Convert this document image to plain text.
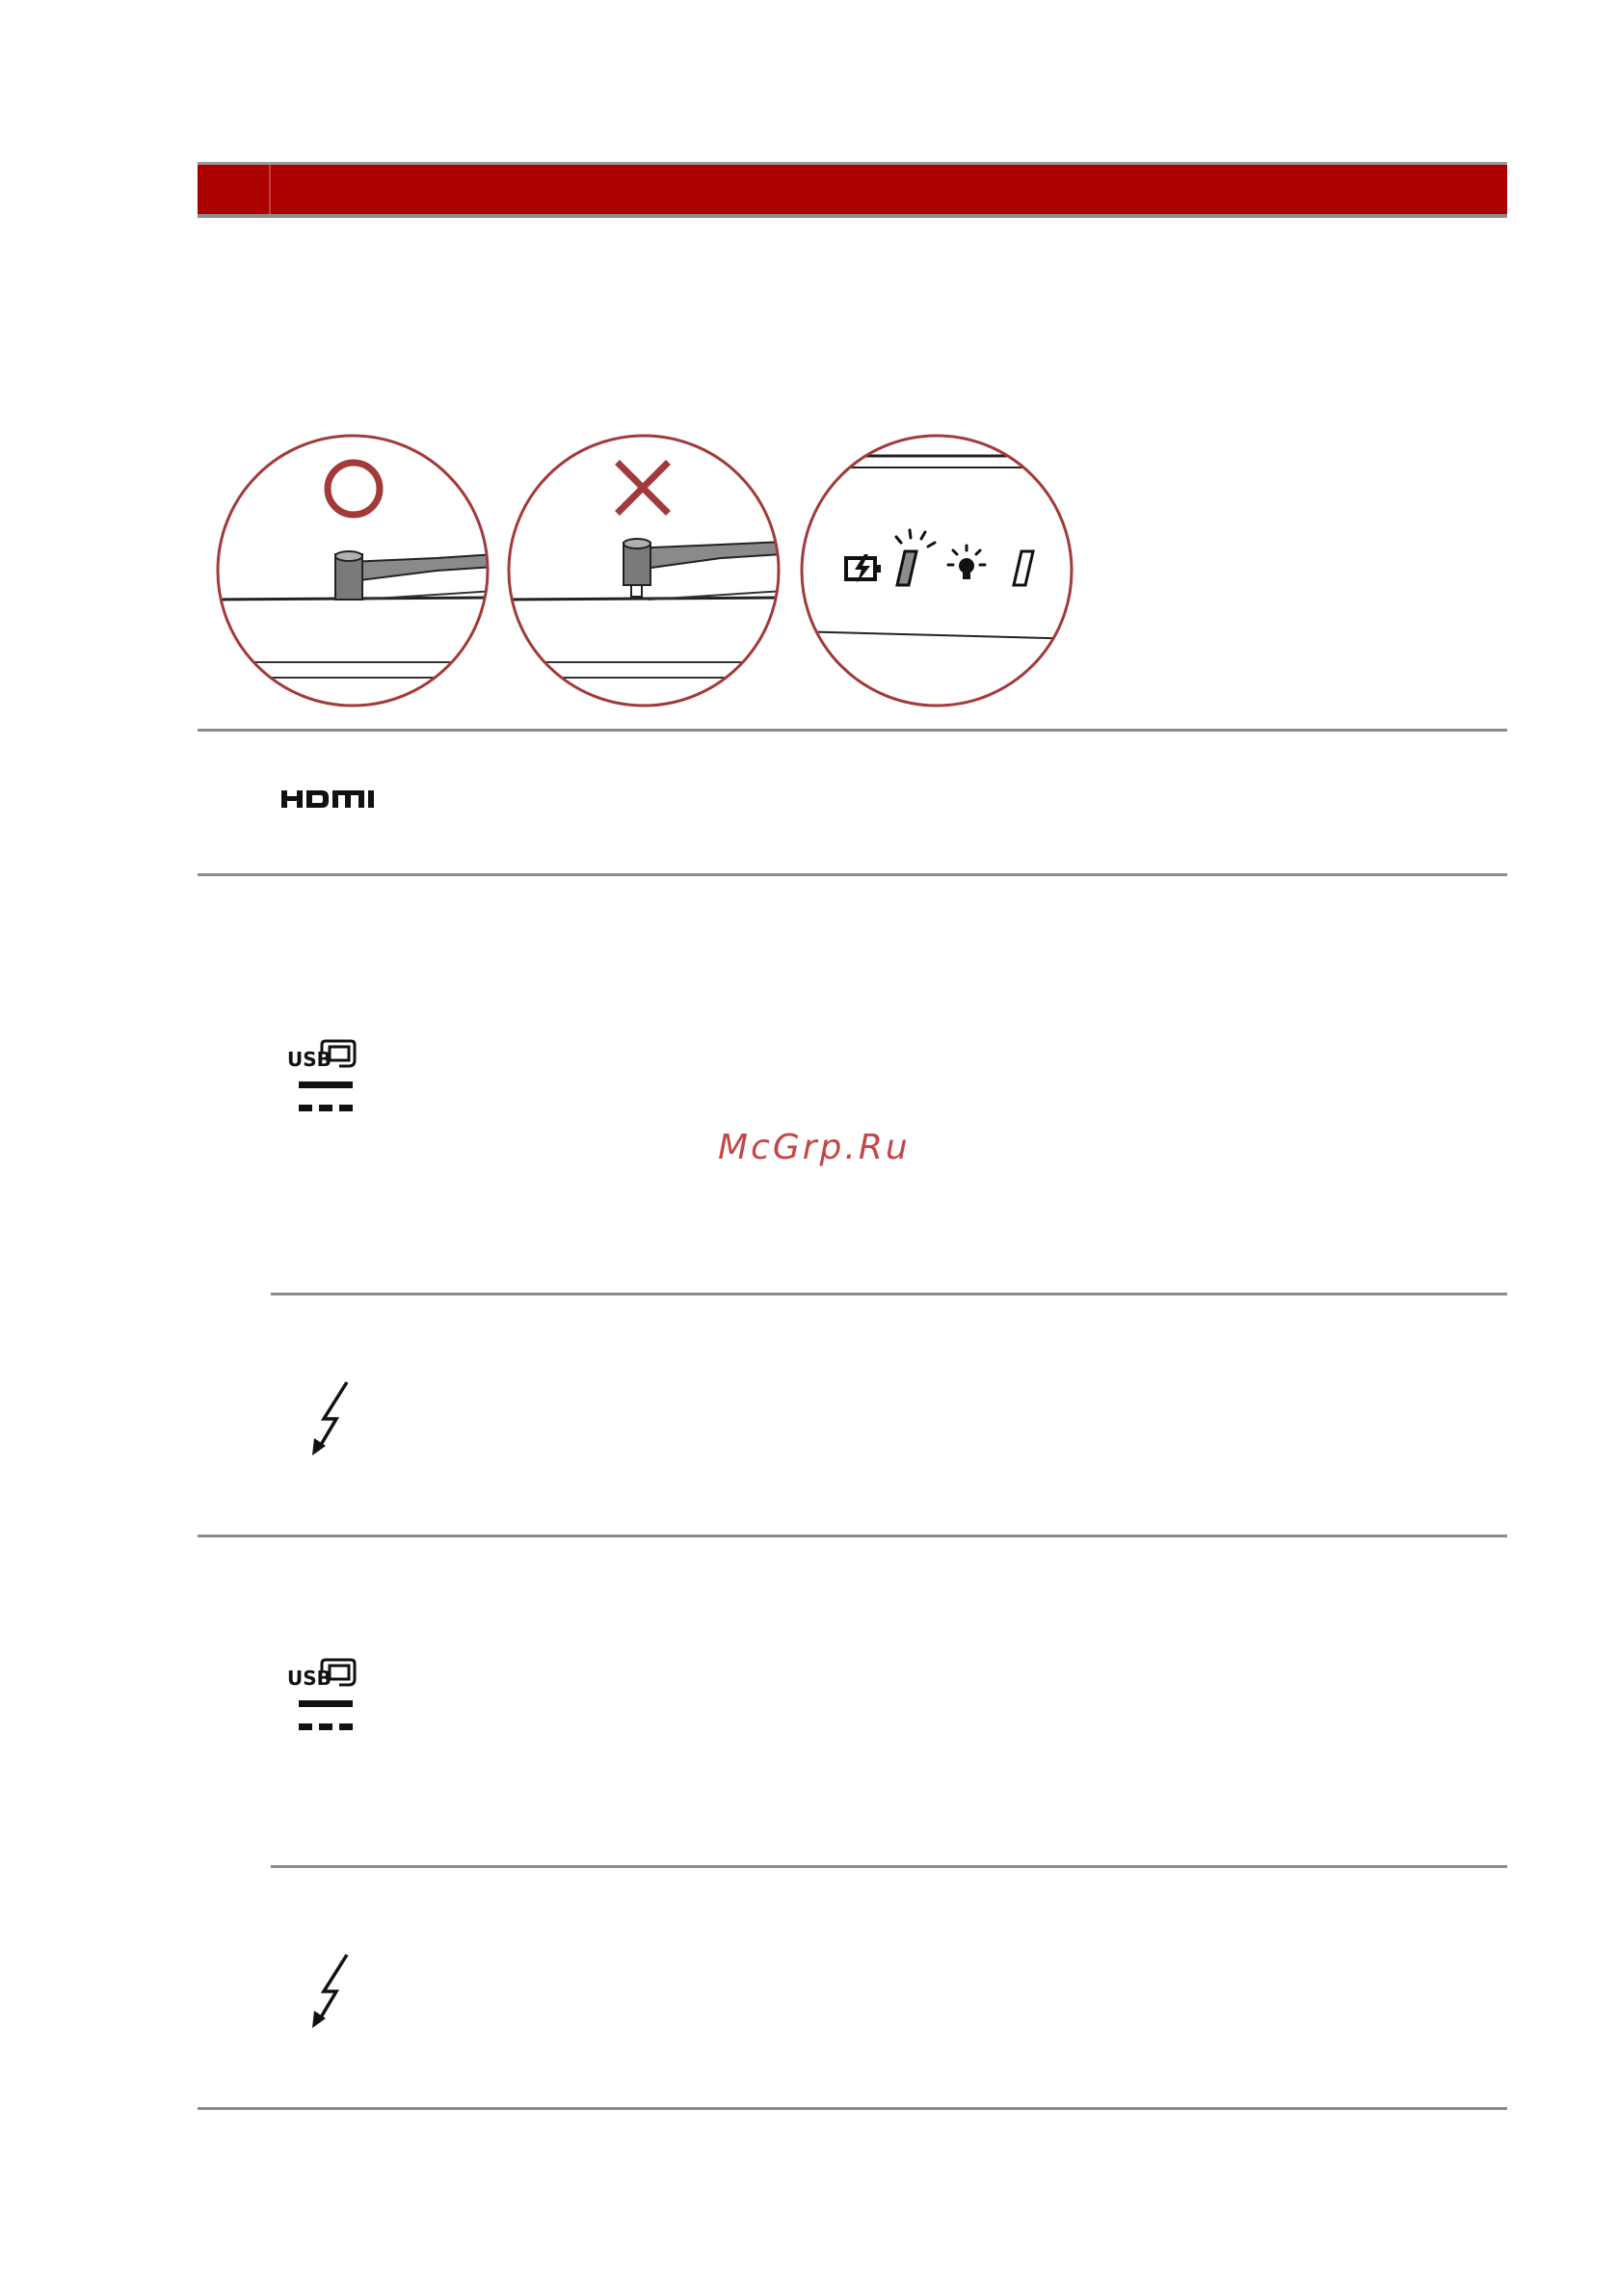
USB
USB
McGrp.Ru
